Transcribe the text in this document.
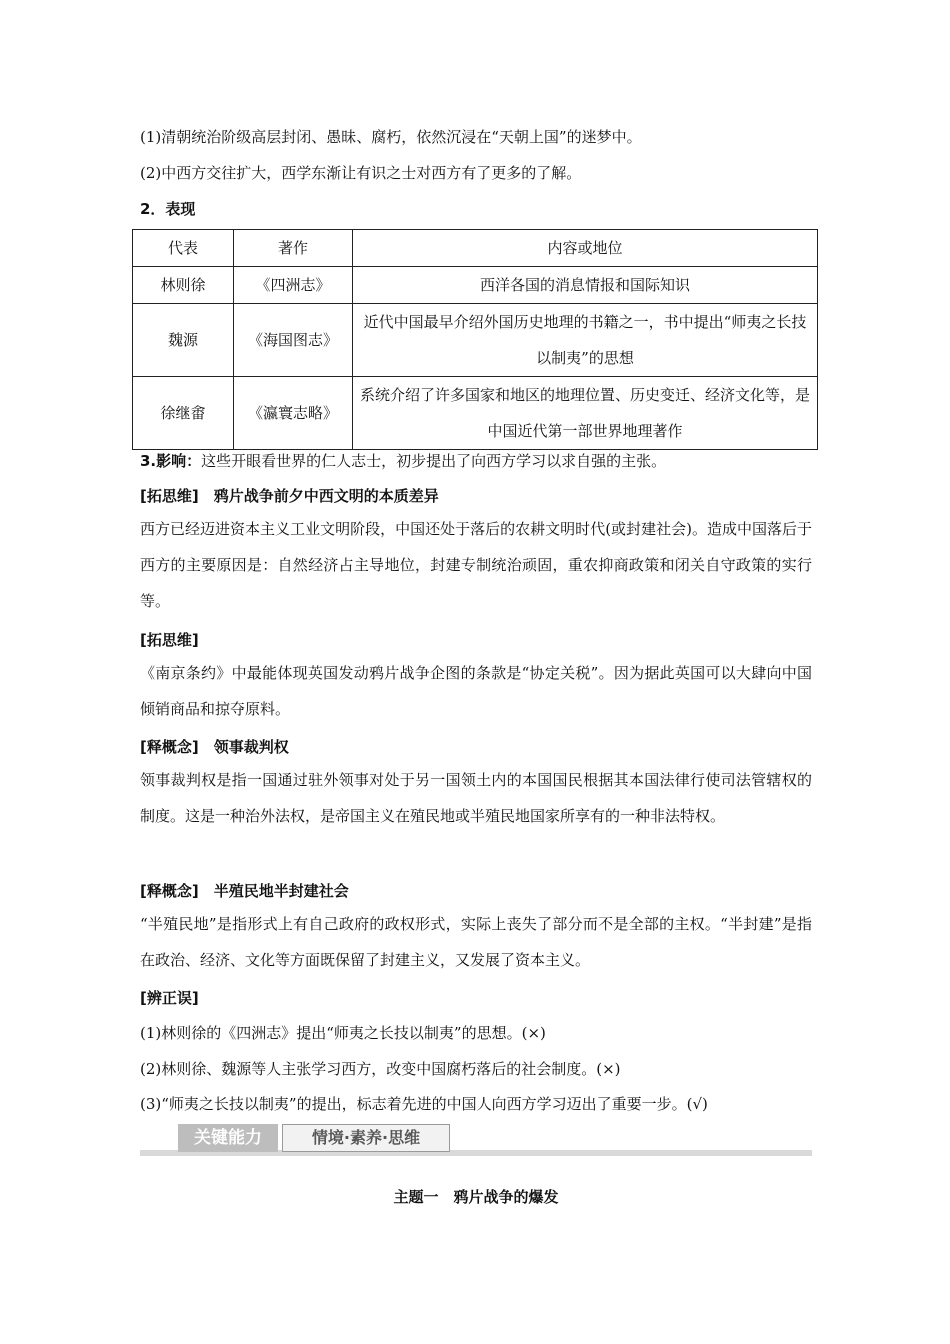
(1)清朝统治阶级高层封闭、愚昧、腐朽，依然沉浸在“天朝上国”的迷梦中。
(2)中西方交往扩大，西学东渐让有识之士对西方有了更多的了解。
2．表现
代表	著作	内容或地位
林则徐	《四洲志》	西洋各国的消息情报和国际知识
魏源	《海国图志》	近代中国最早介绍外国历史地理的书籍之一，书中提出“师夷之长技以制夷”的思想
徐继畬	《瀛寰志略》	系统介绍了许多国家和地区的地理位置、历史变迁、经济文化等，是中国近代第一部世界地理著作
3.影响：这些开眼看世界的仁人志士，初步提出了向西方学习以求自强的主张。
[拓思维]　鸦片战争前夕中西文明的本质差异
西方已经迈进资本主义工业文明阶段，中国还处于落后的农耕文明时代(或封建社会)。造成中国落后于西方的主要原因是：自然经济占主导地位，封建专制统治顽固，重农抑商政策和闭关自守政策的实行等。
[拓思维]
《南京条约》中最能体现英国发动鸦片战争企图的条款是“协定关税”。因为据此英国可以大肆向中国倾销商品和掠夺原料。
[释概念]　领事裁判权
领事裁判权是指一国通过驻外领事对处于另一国领土内的本国国民根据其本国法律行使司法管辖权的制度。这是一种治外法权，是帝国主义在殖民地或半殖民地国家所享有的一种非法特权。
[释概念]　半殖民地半封建社会
“半殖民地”是指形式上有自己政府的政权形式，实际上丧失了部分而不是全部的主权。“半封建”是指在政治、经济、文化等方面既保留了封建主义，又发展了资本主义。
[辨正误]
(1)林则徐的《四洲志》提出“师夷之长技以制夷”的思想。(×)
(2)林则徐、魏源等人主张学习西方，改变中国腐朽落后的社会制度。(×)
(3)“师夷之长技以制夷”的提出，标志着先进的中国人向西方学习迈出了重要一步。(√)
关键能力	情境·素养·思维
主题一　鸦片战争的爆发
